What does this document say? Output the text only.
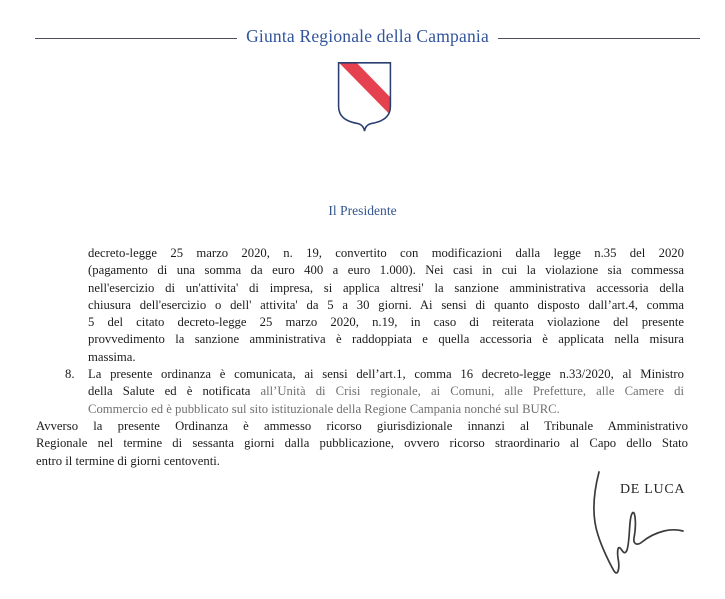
Giunta Regionale della Campania
Il Presidente
decreto-legge 25 marzo 2020, n. 19, convertito con modificazioni dalla legge n.35 del 2020
(pagamento di una somma da euro 400 a euro 1.000). Nei casi in cui la violazione sia commessa
nell'esercizio di un'attivita' di impresa, si applica altresi' la sanzione amministrativa accessoria della
chiusura dell'esercizio o dell' attivita' da 5 a 30 giorni. Ai sensi di quanto disposto dall’art.4, comma
5 del citato decreto-legge 25 marzo 2020, n.19, in caso di reiterata violazione del presente
provvedimento la sanzione amministrativa è raddoppiata e quella accessoria è applicata nella misura
massima.
8. La presente ordinanza è comunicata, ai sensi dell’art.1, comma 16 decreto-legge n.33/2020, al Ministro
della Salute ed è notificata all’Unità di Crisi regionale, ai Comuni, alle Prefetture, alle Camere di
Commercio ed è pubblicato sul sito istituzionale della Regione Campania nonché sul BURC.
Avverso la presente Ordinanza è ammesso ricorso giurisdizionale innanzi al Tribunale Amministrativo
Regionale nel termine di sessanta giorni dalla pubblicazione, ovvero ricorso straordinario al Capo dello Stato
entro il termine di giorni centoventi.
DE LUCA
